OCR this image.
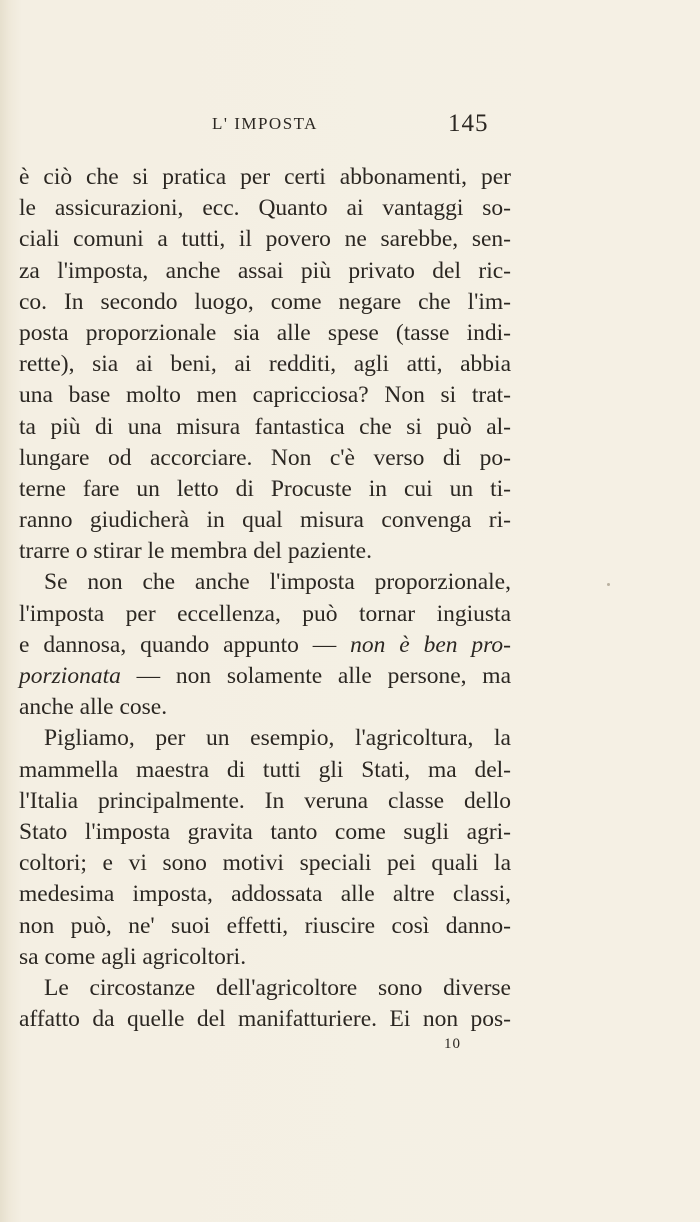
L' IMPOSTA	145
è ciò che si pratica per certi abbonamenti, per
le assicurazioni, ecc. Quanto ai vantaggi so-
ciali comuni a tutti, il povero ne sarebbe, sen-
za l'imposta, anche assai più privato del ric-
co. In secondo luogo, come negare che l'im-
posta proporzionale sia alle spese (tasse indi-
rette), sia ai beni, ai redditi, agli atti, abbia
una base molto men capricciosa? Non si trat-
ta più di una misura fantastica che si può al-
lungare od accorciare. Non c'è verso di po-
terne fare un letto di Procuste in cui un ti-
ranno giudicherà in qual misura convenga ri-
trarre o stirar le membra del paziente.
Se non che anche l'imposta proporzionale,
l'imposta per eccellenza, può tornar ingiusta
e dannosa, quando appunto — non è ben pro-
porzionata — non solamente alle persone, ma
anche alle cose.
Pigliamo, per un esempio, l'agricoltura, la
mammella maestra di tutti gli Stati, ma del-
l'Italia principalmente. In veruna classe dello
Stato l'imposta gravita tanto come sugli agri-
coltori; e vi sono motivi speciali pei quali la
medesima imposta, addossata alle altre classi,
non può, ne' suoi effetti, riuscire così danno-
sa come agli agricoltori.
Le circostanze dell'agricoltore sono diverse
affatto da quelle del manifatturiere. Ei non pos-
10
